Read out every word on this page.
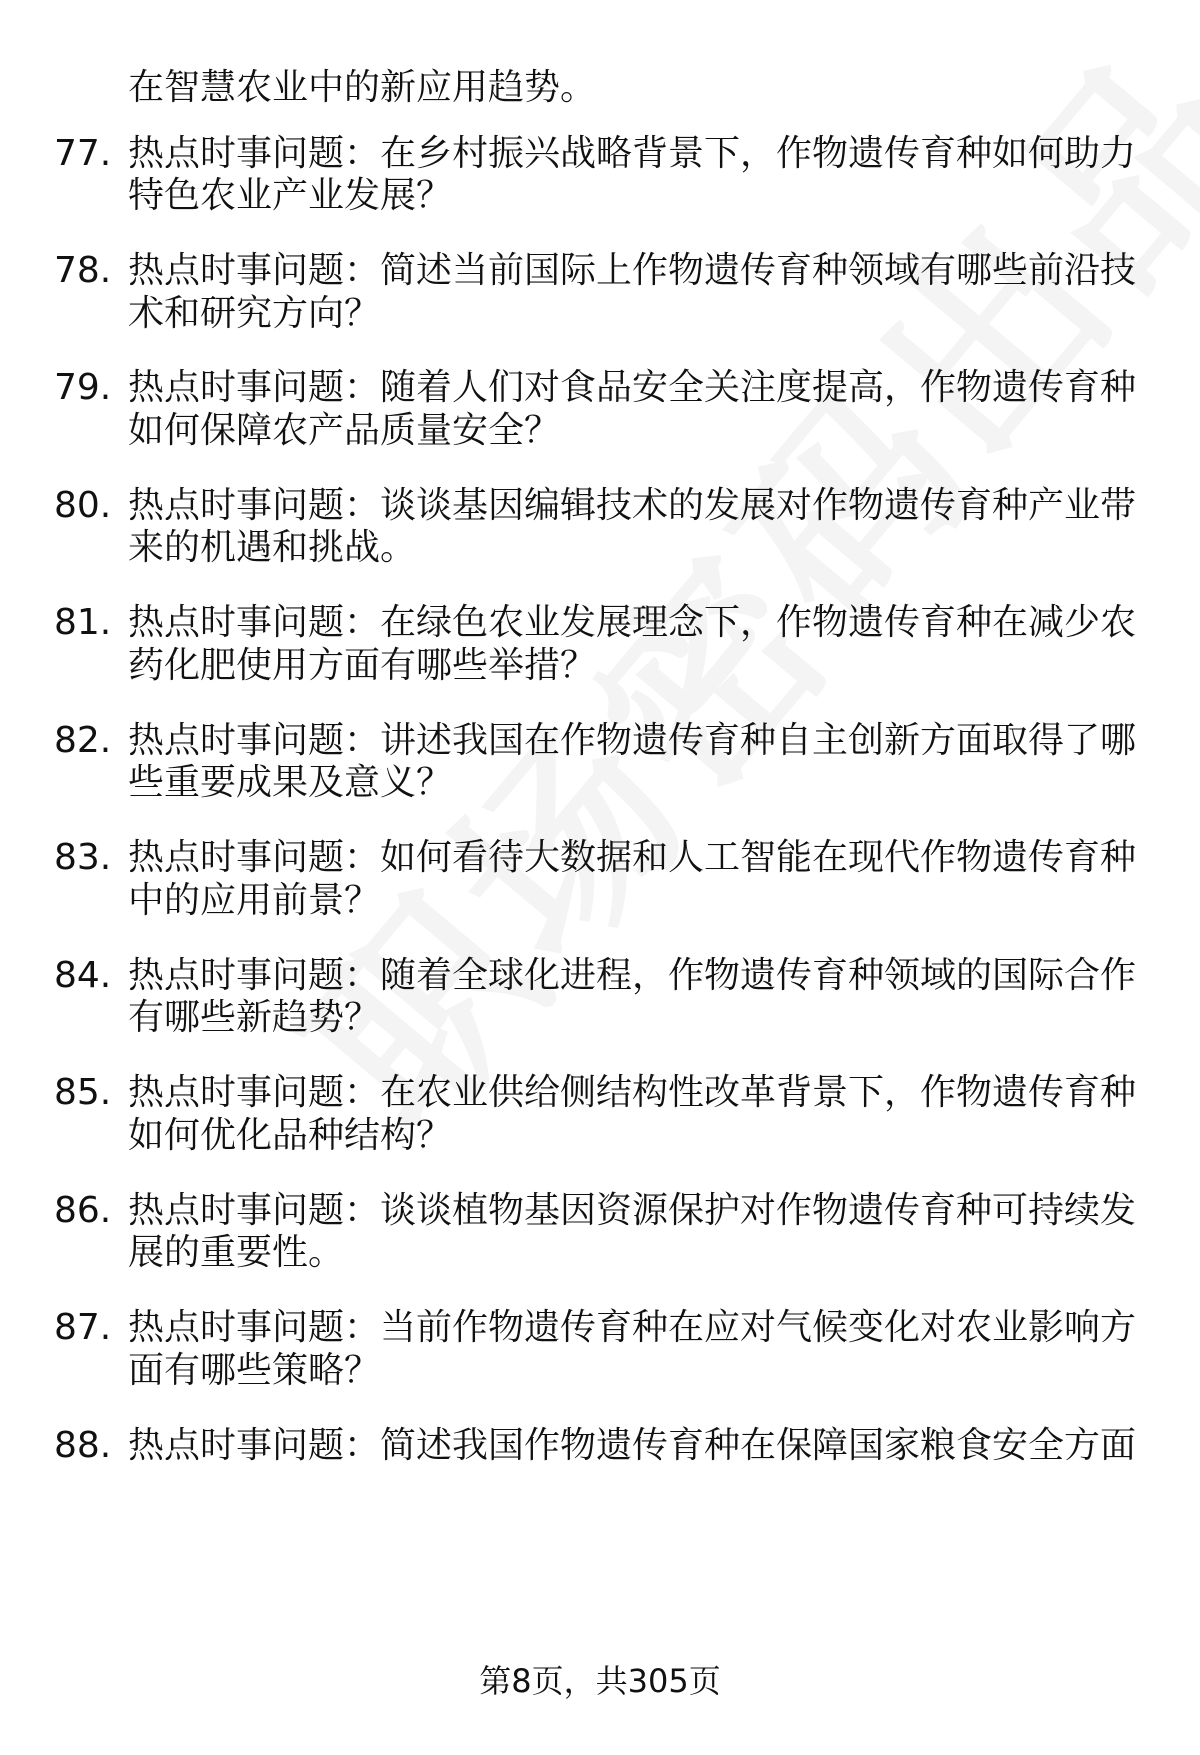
在智慧农业中的新应用趋势。
77. 热点时事问题：在乡村振兴战略背景下，作物遗传育种如何助力
特色农业产业发展？
78. 热点时事问题：简述当前国际上作物遗传育种领域有哪些前沿技
术和研究方向？
79. 热点时事问题：随着人们对食品安全关注度提高，作物遗传育种
如何保障农产品质量安全？
80. 热点时事问题：谈谈基因编辑技术的发展对作物遗传育种产业带
来的机遇和挑战。
81. 热点时事问题：在绿色农业发展理念下，作物遗传育种在减少农
药化肥使用方面有哪些举措？
82. 热点时事问题：讲述我国在作物遗传育种自主创新方面取得了哪
些重要成果及意义？
83. 热点时事问题：如何看待大数据和人工智能在现代作物遗传育种
中的应用前景？
84. 热点时事问题：随着全球化进程，作物遗传育种领域的国际合作
有哪些新趋势？
85. 热点时事问题：在农业供给侧结构性改革背景下，作物遗传育种
如何优化品种结构？
86. 热点时事问题：谈谈植物基因资源保护对作物遗传育种可持续发
展的重要性。
87. 热点时事问题：当前作物遗传育种在应对气候变化对农业影响方
面有哪些策略？
88. 热点时事问题：简述我国作物遗传育种在保障国家粮食安全方面
第8页，共305页
